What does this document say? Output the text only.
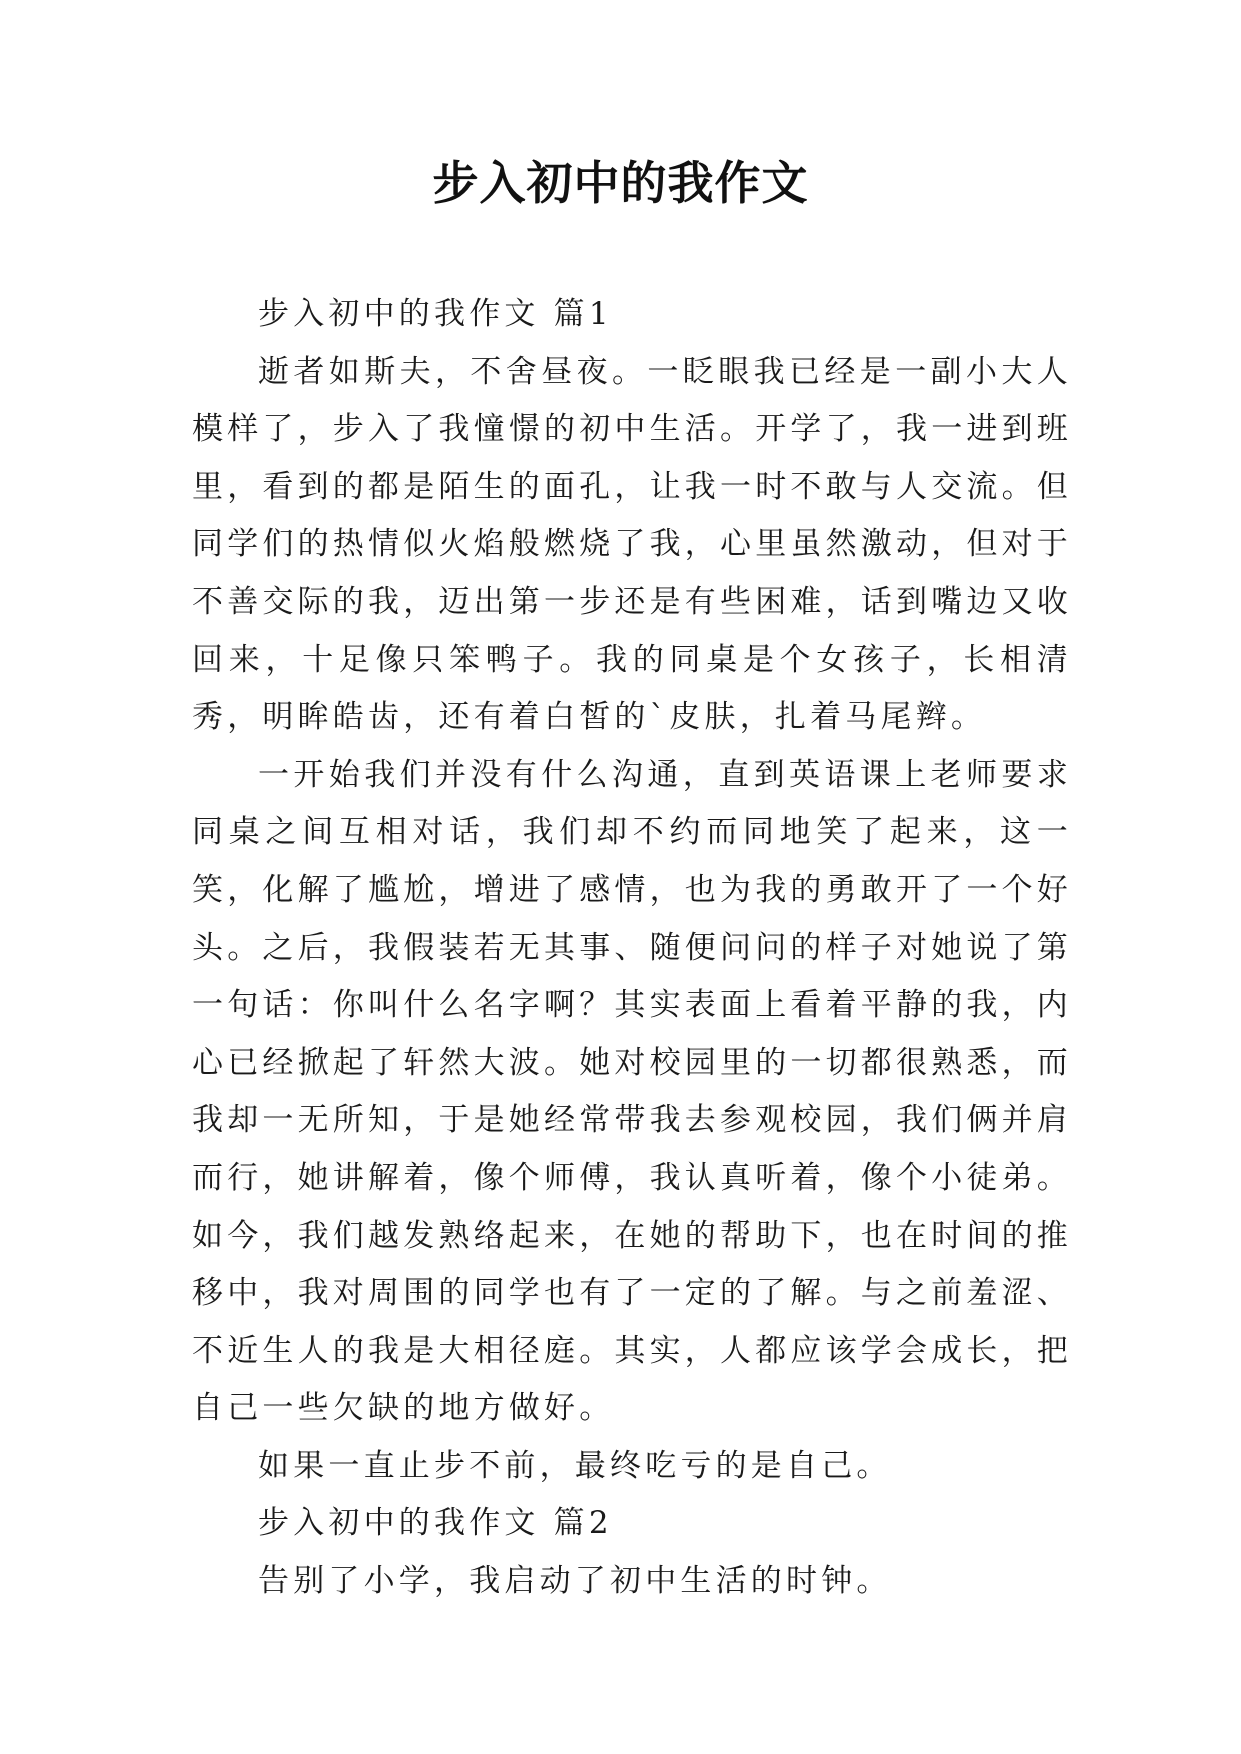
步入初中的我作文

步入初中的我作文 篇1

逝者如斯夫，不舍昼夜。一眨眼我已经是一副小大人模样了，步入了我憧憬的初中生活。开学了，我一进到班里，看到的都是陌生的面孔，让我一时不敢与人交流。但同学们的热情似火焰般燃烧了我，心里虽然激动，但对于不善交际的我，迈出第一步还是有些困难，话到嘴边又收回来，十足像只笨鸭子。我的同桌是个女孩子，长相清秀，明眸皓齿，还有着白皙的`皮肤，扎着马尾辫。

一开始我们并没有什么沟通，直到英语课上老师要求同桌之间互相对话，我们却不约而同地笑了起来，这一笑，化解了尴尬，增进了感情，也为我的勇敢开了一个好头。之后，我假装若无其事、随便问问的样子对她说了第一句话：你叫什么名字啊？其实表面上看着平静的我，内心已经掀起了轩然大波。她对校园里的一切都很熟悉，而我却一无所知，于是她经常带我去参观校园，我们俩并肩而行，她讲解着，像个师傅，我认真听着，像个小徒弟。如今，我们越发熟络起来，在她的帮助下，也在时间的推移中，我对周围的同学也有了一定的了解。与之前羞涩、不近生人的我是大相径庭。其实，人都应该学会成长，把自己一些欠缺的地方做好。

如果一直止步不前，最终吃亏的是自己。

步入初中的我作文 篇2

告别了小学，我启动了初中生活的时钟。
